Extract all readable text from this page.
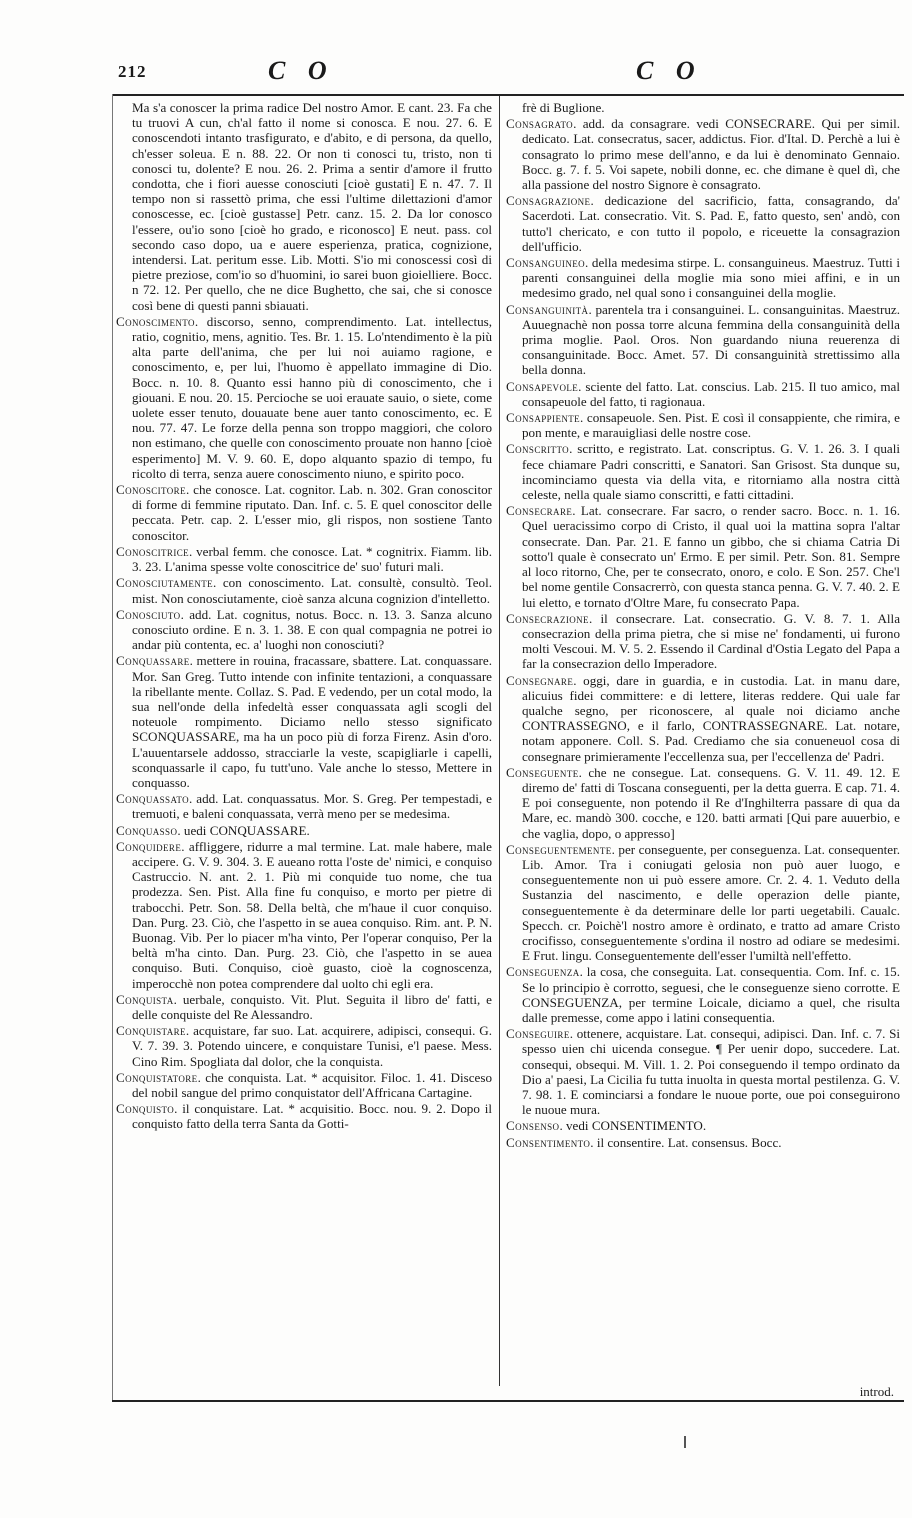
212	C O	C O

Ma s'a conoscer la prima radice Del nostro Amor. E cant. 23. Fa che tu truovi A cun, ch'al fatto il nome si conosca. E nou. 27. 6. E conoscendoti intanto trasfigurato, e d'abito, e di persona, da quello, ch'esser soleua. E n. 88. 22. Or non ti conosci tu, tristo, non ti conosci tu, dolente? E nou. 26. 2. Prima a sentir d'amore il frutto condotta, che i fiori auesse conosciuti [cioè gustati] E n. 47. 7. Il tempo non si rassettò prima, che essi l'ultime dilettazioni d'amor conoscesse, ec. [cioè gustasse] Petr. canz. 15. 2. Da lor conosco l'essere, ou'io sono [cioè ho grado, e riconosco] E neut. pass. col secondo caso dopo, ua e auere esperienza, pratica, cognizione, intendersi. Lat. peritum esse. Lib. Motti. S'io mi conoscessi così di pietre preziose, com'io so d'huomini, io sarei buon gioielliere. Bocc. n 72. 12. Per quello, che ne dice Bughetto, che sai, che si conosce così bene di questi panni sbiauati.

Conoscimento. discorso, senno, comprendimento. Lat. intellectus, ratio, cognitio, mens, agnitio. Tes. Br. 1. 15. Lo'ntendimento è la più alta parte dell'anima, che per lui noi auiamo ragione, e conoscimento, e, per lui, l'huomo è appellato immagine di Dio. Bocc. n. 10. 8. Quanto essi hanno più di conoscimento, che i giouani. E nou. 20. 15. Percioche se uoi erauate sauio, o siete, come uolete esser tenuto, douauate bene auer tanto conoscimento, ec. E nou. 77. 47. Le forze della penna son troppo maggiori, che coloro non estimano, che quelle con conoscimento prouate non hanno [cioè esperimento] M. V. 9. 60. E, dopo alquanto spazio di tempo, fu ricolto di terra, senza auere conoscimento niuno, e spirito poco.

Conoscitore. che conosce. Lat. cognitor. Lab. n. 302. Gran conoscitor di forme di femmine riputato. Dan. Inf. c. 5. E quel conoscitor delle peccata. Petr. cap. 2. L'esser mio, gli rispos, non sostiene Tanto conoscitor.

Conoscitrice. verbal femm. che conosce. Lat. * cognitrix. Fiamm. lib. 3. 23. L'anima spesse volte conoscitrice de' suo' futuri mali.

Conosciutamente. con conoscimento. Lat. consultè, consultò. Teol. mist. Non conosciutamente, cioè sanza alcuna cognizion d'intelletto.

Conosciuto. add. Lat. cognitus, notus. Bocc. n. 13. 3. Sanza alcuno conosciuto ordine. E n. 3. 1. 38. E con qual compagnia ne potrei io andar più contenta, ec. a' luoghi non conosciuti?

Conquassare. mettere in rouina, fracassare, sbattere. Lat. conquassare. Mor. San Greg. Tutto intende con infinite tentazioni, a conquassare la ribellante mente. Collaz. S. Pad. E vedendo, per un cotal modo, la sua nell'onde della infedeltà esser conquassata agli scogli del noteuole rompimento. Diciamo nello stesso significato SCONQUASSARE, ma ha un poco più di forza Firenz. Asin d'oro. L'auuentarsele addosso, stracciarle la veste, scapigliarle i capelli, sconquassarle il capo, fu tutt'uno. Vale anche lo stesso, Mettere in conquasso.

Conquassato. add. Lat. conquassatus. Mor. S. Greg. Per tempestadi, e tremuoti, e baleni conquassata, verrà meno per se medesima.

Conquasso. uedi CONQUASSARE.

Conquidere. affliggere, ridurre a mal termine. Lat. male habere, male accipere. G. V. 9. 304. 3. E aueano rotta l'oste de' nimici, e conquiso Castruccio. N. ant. 2. 1. Più mi conquide tuo nome, che tua prodezza. Sen. Pist. Alla fine fu conquiso, e morto per pietre di trabocchi. Petr. Son. 58. Della beltà, che m'haue il cuor conquiso. Dan. Purg. 23. Ciò, che l'aspetto in se auea conquiso. Rim. ant. P. N. Buonag. Vib. Per lo piacer m'ha vinto, Per l'operar conquiso, Per la beltà m'ha cinto. Dan. Purg. 23. Ciò, che l'aspetto in se auea conquiso. Buti. Conquiso, cioè guasto, cioè la cognoscenza, imperocchè non potea comprendere dal uolto chi egli era.

Conquista. uerbale, conquisto. Vit. Plut. Seguita il libro de' fatti, e delle conquiste del Re Alessandro.

Conquistare. acquistare, far suo. Lat. acquirere, adipisci, consequi. G. V. 7. 39. 3. Potendo uincere, e conquistare Tunisi, e'l paese. Mess. Cino Rim. Spogliata dal dolor, che la conquista.

Conquistatore. che conquista. Lat. * acquisitor. Filoc. 1. 41. Disceso del nobil sangue del primo conquistator dell'Affricana Cartagine.

Conquisto. il conquistare. Lat. * acquisitio. Bocc. nou. 9. 2. Dopo il conquisto fatto della terra Santa da Gotti-

frè di Buglione.

Consagrato. add. da consagrare. vedi CONSECRARE. Qui per simil. dedicato. Lat. consecratus, sacer, addictus. Fior. d'Ital. D. Perchè a lui è consagrato lo primo mese dell'anno, e da lui è denominato Gennaio. Bocc. g. 7. f. 5. Voi sapete, nobili donne, ec. che dimane è quel dì, che alla passione del nostro Signore è consagrato.

Consagrazione. dedicazione del sacrificio, fatta, consagrando, da' Sacerdoti. Lat. consecratio. Vit. S. Pad. E, fatto questo, sen' andò, con tutto'l chericato, e con tutto il popolo, e riceuette la consagrazion dell'ufficio.

Consanguineo. della medesima stirpe. L. consanguineus. Maestruz. Tutti i parenti consanguinei della moglie mia sono miei affini, e in un medesimo grado, nel qual sono i consanguinei della moglie.

Consanguinità. parentela tra i consanguinei. L. consanguinitas. Maestruz. Auuegnachè non possa torre alcuna femmina della consanguinità della prima moglie. Paol. Oros. Non guardando niuna reuerenza di consanguinitade. Bocc. Amet. 57. Di consanguinità strettissimo alla bella donna.

Consapevole. sciente del fatto. Lat. conscius. Lab. 215. Il tuo amico, mal consapeuole del fatto, ti ragionaua.

Consappiente. consapeuole. Sen. Pist. E così il consappiente, che rimira, e pon mente, e marauigliasi delle nostre cose.

Conscritto. scritto, e registrato. Lat. conscriptus. G. V. 1. 26. 3. I quali fece chiamare Padri conscritti, e Sanatori. San Grisost. Sta dunque su, incominciamo questa via della vita, e ritorniamo alla nostra città celeste, nella quale siamo conscritti, e fatti cittadini.

Consecrare. Lat. consecrare. Far sacro, o render sacro. Bocc. n. 1. 16. Quel ueracissimo corpo di Cristo, il qual uoi la mattina sopra l'altar consecrate. Dan. Par. 21. E fanno un gibbo, che si chiama Catria Di sotto'l quale è consecrato un' Ermo. E per simil. Petr. Son. 81. Sempre al loco ritorno, Che, per te consecrato, onoro, e colo. E Son. 257. Che'l bel nome gentile Consacrerrò, con questa stanca penna. G. V. 7. 40. 2. E lui eletto, e tornato d'Oltre Mare, fu consecrato Papa.

Consecrazione. il consecrare. Lat. consecratio. G. V. 8. 7. 1. Alla consecrazion della prima pietra, che si mise ne' fondamenti, ui furono molti Vescoui. M. V. 5. 2. Essendo il Cardinal d'Ostia Legato del Papa a far la consecrazion dello Imperadore.

Consegnare. oggi, dare in guardia, e in custodia. Lat. in manu dare, alicuius fidei committere: e di lettere, literas reddere. Qui uale far qualche segno, per riconoscere, al quale noi diciamo anche CONTRASSEGNO, e il farlo, CONTRASSEGNARE. Lat. notare, notam apponere. Coll. S. Pad. Crediamo che sia conueneuol cosa di consegnare primieramente l'eccellenza sua, per l'eccellenza de' Padri.

Conseguente. che ne consegue. Lat. consequens. G. V. 11. 49. 12. E diremo de' fatti di Toscana conseguenti, per la detta guerra. E cap. 71. 4. E poi conseguente, non potendo il Re d'Inghilterra passare di qua da Mare, ec. mandò 300. cocche, e 120. batti armati [Qui pare auuerbio, e che vaglia, dopo, o appresso]

Conseguentemente. per conseguente, per conseguenza. Lat. consequenter. Lib. Amor. Tra i coniugati gelosia non può auer luogo, e conseguentemente non ui può essere amore. Cr. 2. 4. 1. Veduto della Sustanzia del nascimento, e delle operazion delle piante, conseguentemente è da determinare delle lor parti uegetabili. Caualc. Specch. cr. Poichè'l nostro amore è ordinato, e tratto ad amare Cristo crocifisso, conseguentemente s'ordina il nostro ad odiare se medesimi. E Frut. lingu. Conseguentemente dell'esser l'umiltà nell'effetto.

Conseguenza. la cosa, che conseguita. Lat. consequentia. Com. Inf. c. 15. Se lo principio è corrotto, seguesi, che le conseguenze sieno corrotte. E CONSEGUENZA, per termine Loicale, diciamo a quel, che risulta dalle premesse, come appo i latini consequentia.

Conseguire. ottenere, acquistare. Lat. consequi, adipisci. Dan. Inf. c. 7. Si spesso uien chi uicenda consegue. ¶ Per uenir dopo, succedere. Lat. consequi, obsequi. M. Vill. 1. 2. Poi conseguendo il tempo ordinato da Dio a' paesi, La Cicilia fu tutta inuolta in questa mortal pestilenza. G. V. 7. 98. 1. E cominciarsi a fondare le nuoue porte, oue poi conseguirono le nuoue mura.

Consenso. vedi CONSENTIMENTO.

Consentimento. il consentire. Lat. consensus. Bocc.

introd.
